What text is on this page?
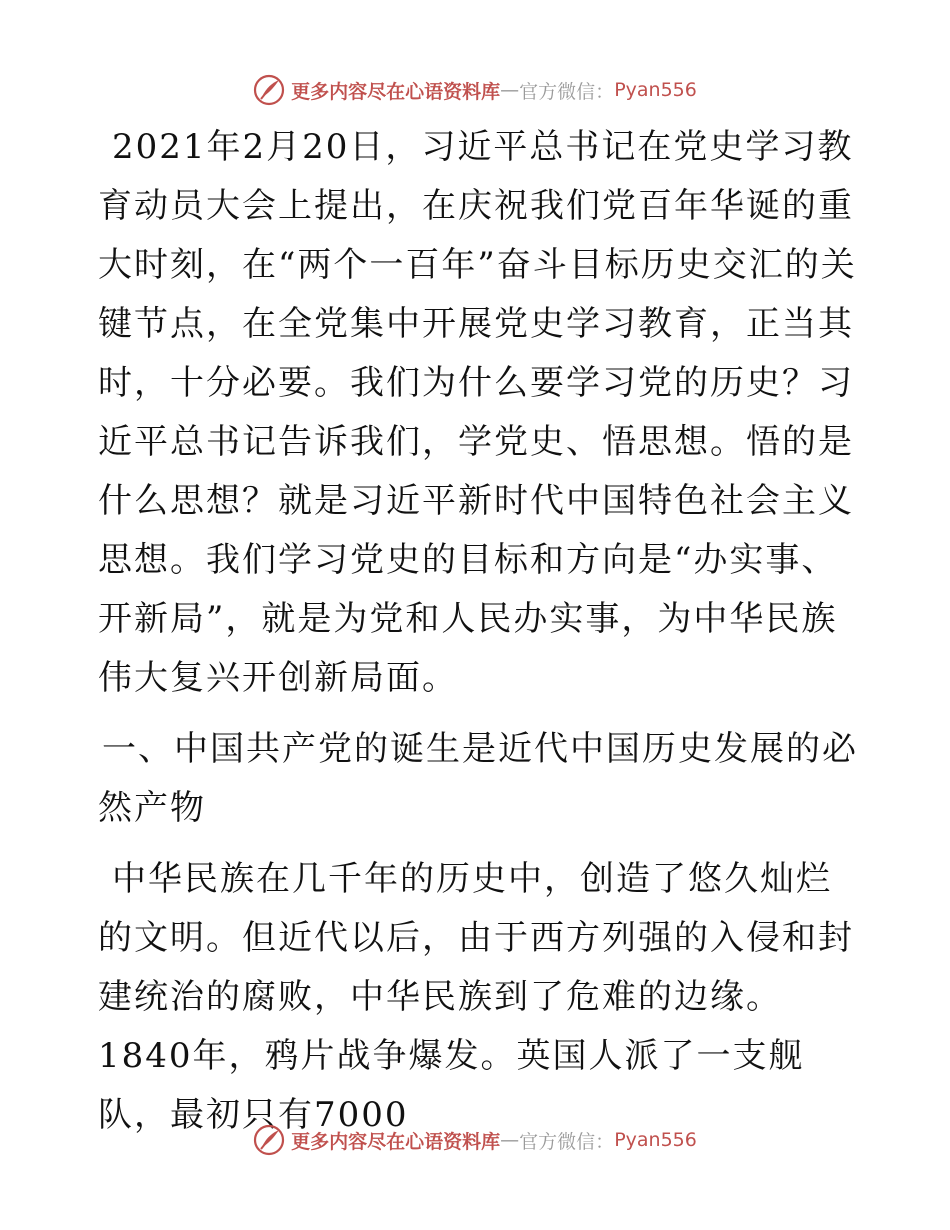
更多内容尽在心语资料库 — 官方微信： Pyan556

2021年2月20日，习近平总书记在党史学习教育动员大会上提出，在庆祝我们党百年华诞的重大时刻，在“两个一百年”奋斗目标历史交汇的关键节点，在全党集中开展党史学习教育，正当其时，十分必要。我们为什么要学习党的历史？习近平总书记告诉我们，学党史、悟思想。悟的是什么思想？就是习近平新时代中国特色社会主义思想。我们学习党史的目标和方向是“办实事、开新局”，就是为党和人民办实事，为中华民族伟大复兴开创新局面。

一、中国共产党的诞生是近代中国历史发展的必然产物

中华民族在几千年的历史中，创造了悠久灿烂的文明。但近代以后，由于西方列强的入侵和封建统治的腐败，中华民族到了危难的边缘。1840年，鸦片战争爆发。英国人派了一支舰队，最初只有7000

更多内容尽在心语资料库 — 官方微信： Pyan556
